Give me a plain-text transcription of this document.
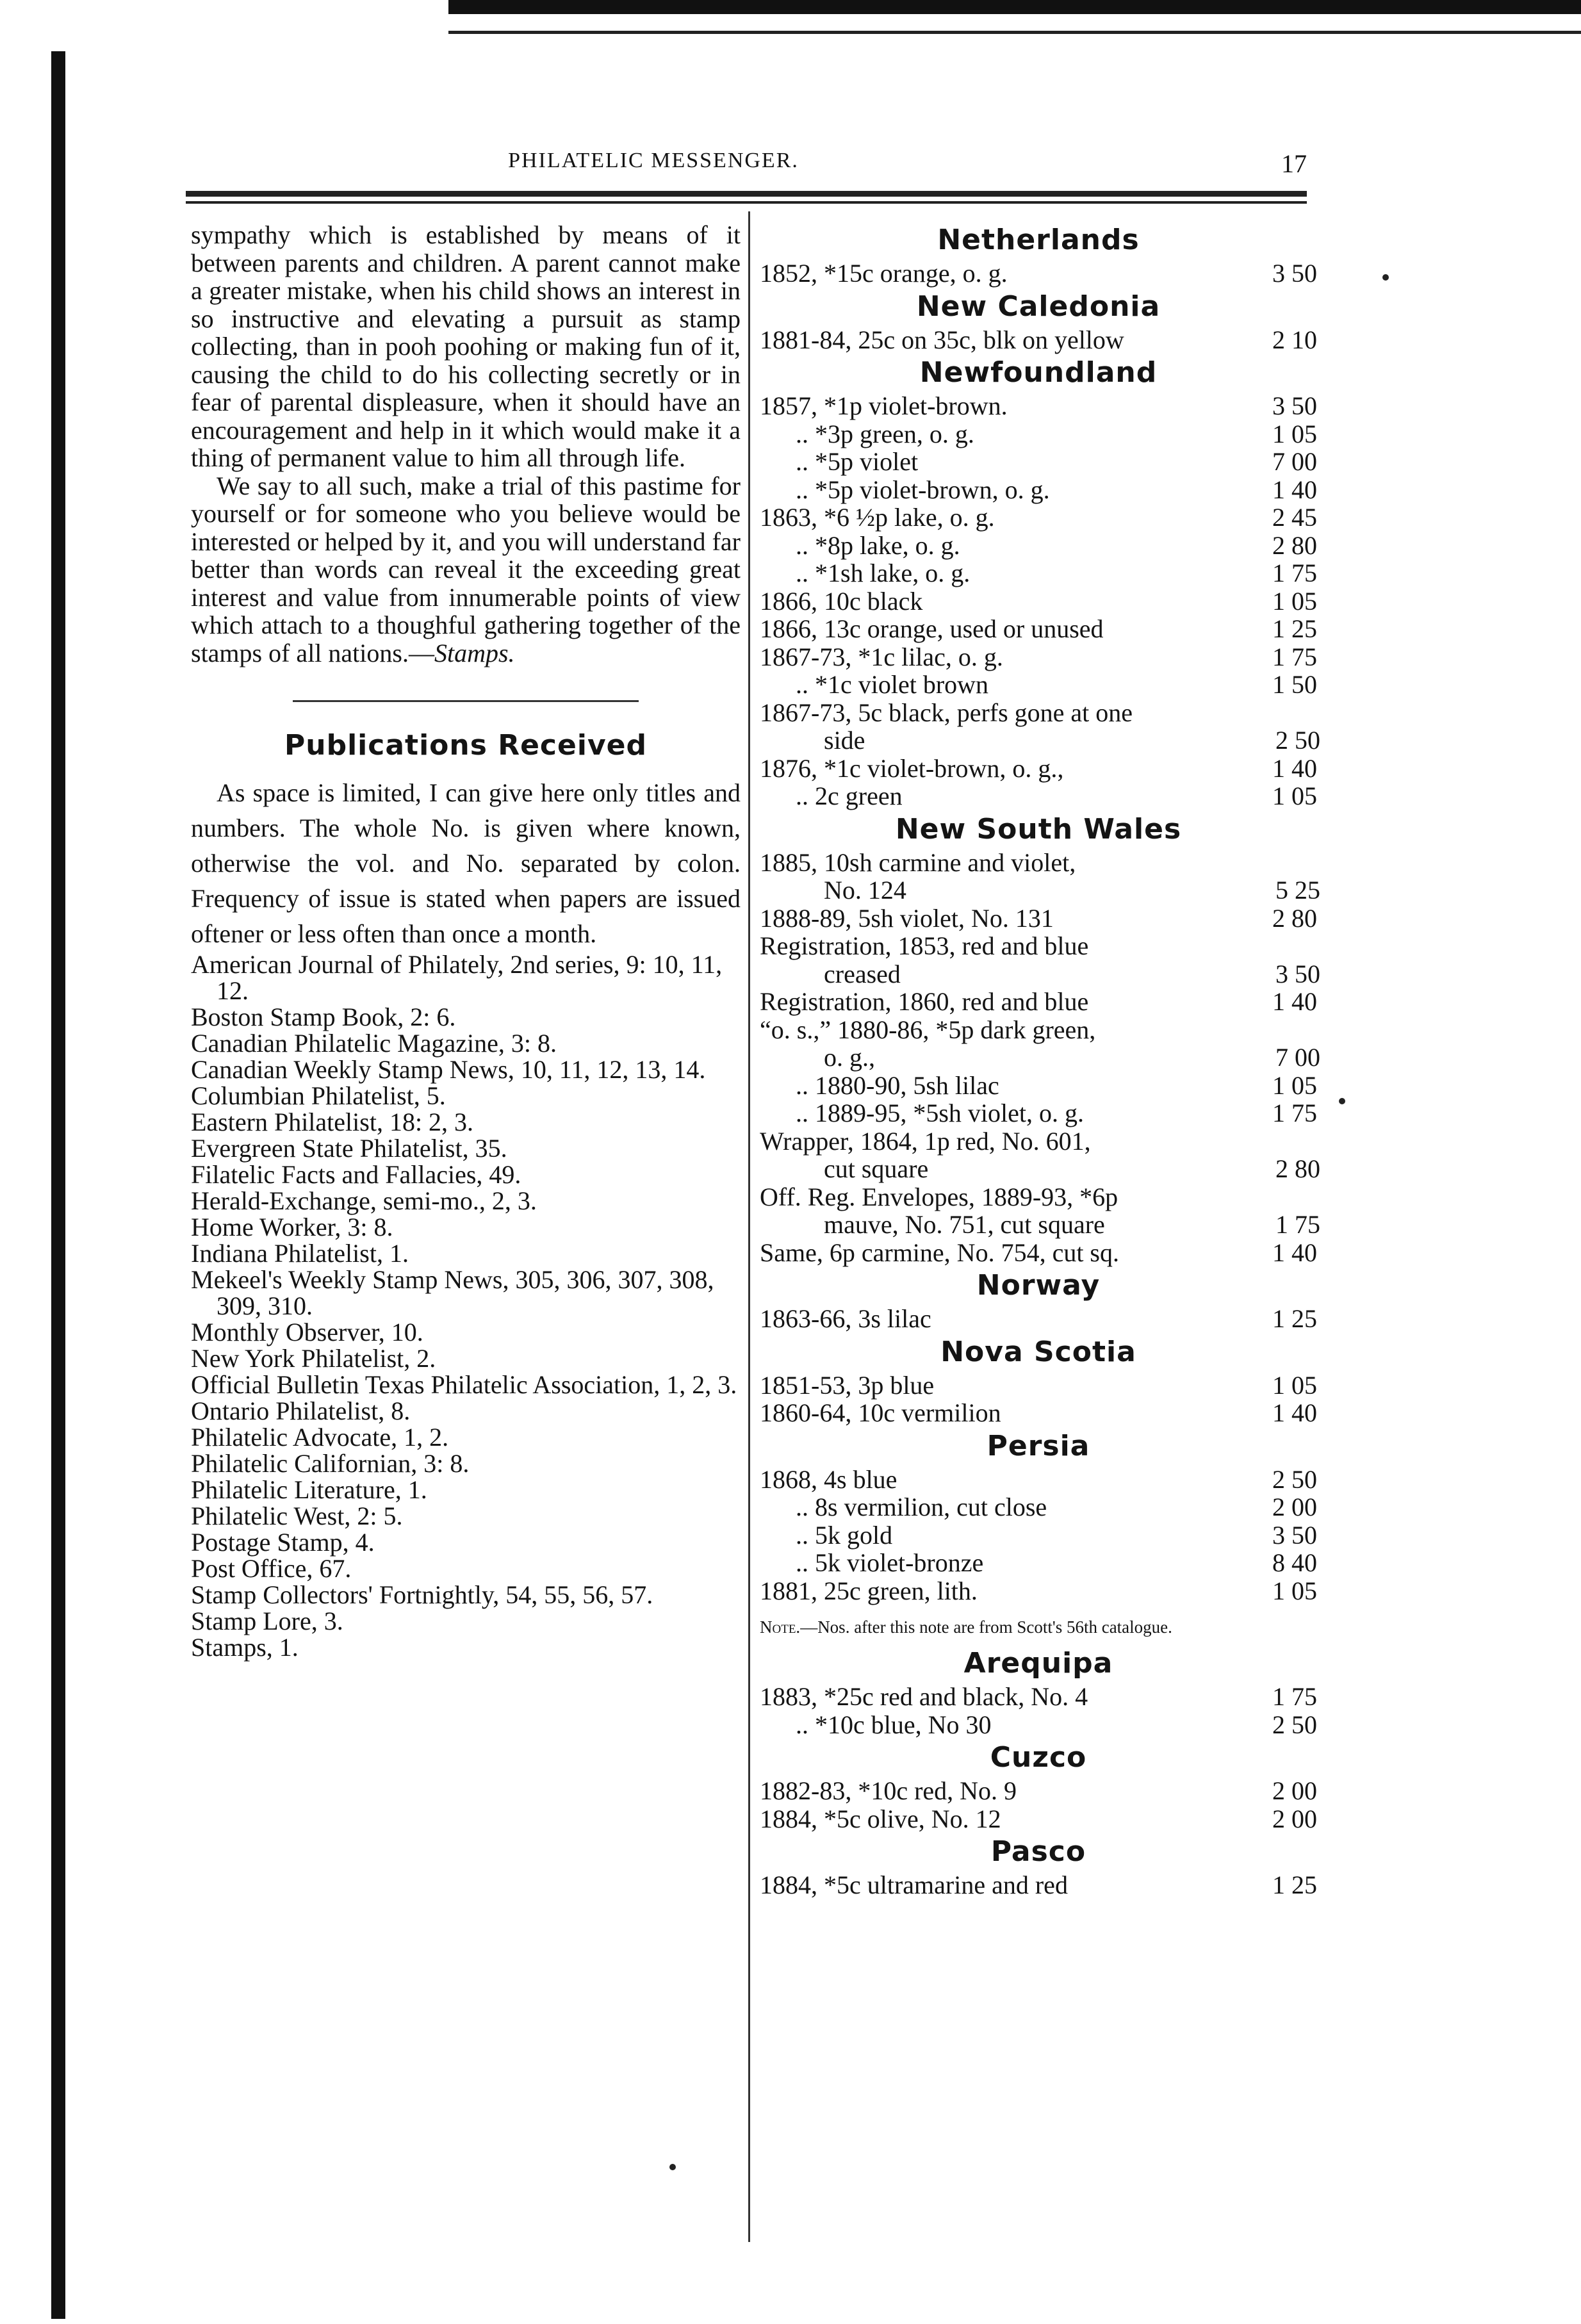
PHILATELIC MESSENGER.	17

sympathy which is established by means of it between parents and children. A parent cannot make a greater mistake, when his child shows an interest in so instructive and elevating a pursuit as stamp collecting, than in pooh poohing or making fun of it, causing the child to do his collecting secretly or in fear of parental displeasure, when it should have an encouragement and help in it which would make it a thing of permanent value to him all through life.

We say to all such, make a trial of this pastime for yourself or for someone who you believe would be interested or helped by it, and you will understand far better than words can reveal it the exceeding great interest and value from innumerable points of view which attach to a thoughful gathering together of the stamps of all nations.—Stamps.

Publications Received

As space is limited, I can give here only titles and numbers. The whole No. is given where known, otherwise the vol. and No. separated by colon. Frequency of issue is stated when papers are issued oftener or less often than once a month.

American Journal of Philately, 2nd series, 9: 10, 11, 12.
Boston Stamp Book, 2: 6.
Canadian Philatelic Magazine, 3: 8.
Canadian Weekly Stamp News, 10, 11, 12, 13, 14.
Columbian Philatelist, 5.
Eastern Philatelist, 18: 2, 3.
Evergreen State Philatelist, 35.
Filatelic Facts and Fallacies, 49.
Herald-Exchange, semi-mo., 2, 3.
Home Worker, 3: 8.
Indiana Philatelist, 1.
Mekeel's Weekly Stamp News, 305, 306, 307, 308, 309, 310.
Monthly Observer, 10.
New York Philatelist, 2.
Official Bulletin Texas Philatelic Association, 1, 2, 3.
Ontario Philatelist, 8.
Philatelic Advocate, 1, 2.
Philatelic Californian, 3: 8.
Philatelic Literature, 1.
Philatelic West, 2: 5.
Postage Stamp, 4.
Post Office, 67.
Stamp Collectors' Fortnightly, 54, 55, 56, 57.
Stamp Lore, 3.
Stamps, 1.
Netherlands
1852, *15c orange, o. g.	3 50
New Caledonia
1881-84, 25c on 35c, blk on yellow	2 10
Newfoundland
1857, *1p violet-brown.	3 50
.. *3p green, o. g.	1 05
.. *5p violet	7 00
.. *5p violet-brown, o. g.	1 40
1863, *6 ½p lake, o. g.	2 45
.. *8p lake, o. g.	2 80
.. *1sh lake, o. g.	1 75
1866, 10c black	1 05
1866, 13c orange, used or unused	1 25
1867-73, *1c lilac, o. g.	1 75
.. *1c violet brown	1 50
1867-73, 5c black, perfs gone at one
side	2 50
1876, *1c violet-brown, o. g.,	1 40
.. 2c green	1 05
New South Wales
1885, 10sh carmine and violet,
No. 124	5 25
1888-89, 5sh violet, No. 131	2 80
Registration, 1853, red and blue
creased	3 50
Registration, 1860, red and blue	1 40
“o. s.,” 1880-86, *5p dark green,
o. g.,	7 00
.. 1880-90, 5sh lilac	1 05
.. 1889-95, *5sh violet, o. g.	1 75
Wrapper, 1864, 1p red, No. 601,
cut square	2 80
Off. Reg. Envelopes, 1889-93, *6p
mauve, No. 751, cut square	1 75
Same, 6p carmine, No. 754, cut sq.	1 40
Norway
1863-66, 3s lilac	1 25
Nova Scotia
1851-53, 3p blue	1 05
1860-64, 10c vermilion	1 40
Persia
1868, 4s blue	2 50
.. 8s vermilion, cut close	2 00
.. 5k gold	3 50
.. 5k violet-bronze	8 40
1881, 25c green, lith.	1 05
Note.—Nos. after this note are from Scott's 56th catalogue.
Arequipa
1883, *25c red and black, No. 4	1 75
.. *10c blue, No 30	2 50
Cuzco
1882-83, *10c red, No. 9	2 00
1884, *5c olive, No. 12	2 00
Pasco
1884, *5c ultramarine and red	1 25
